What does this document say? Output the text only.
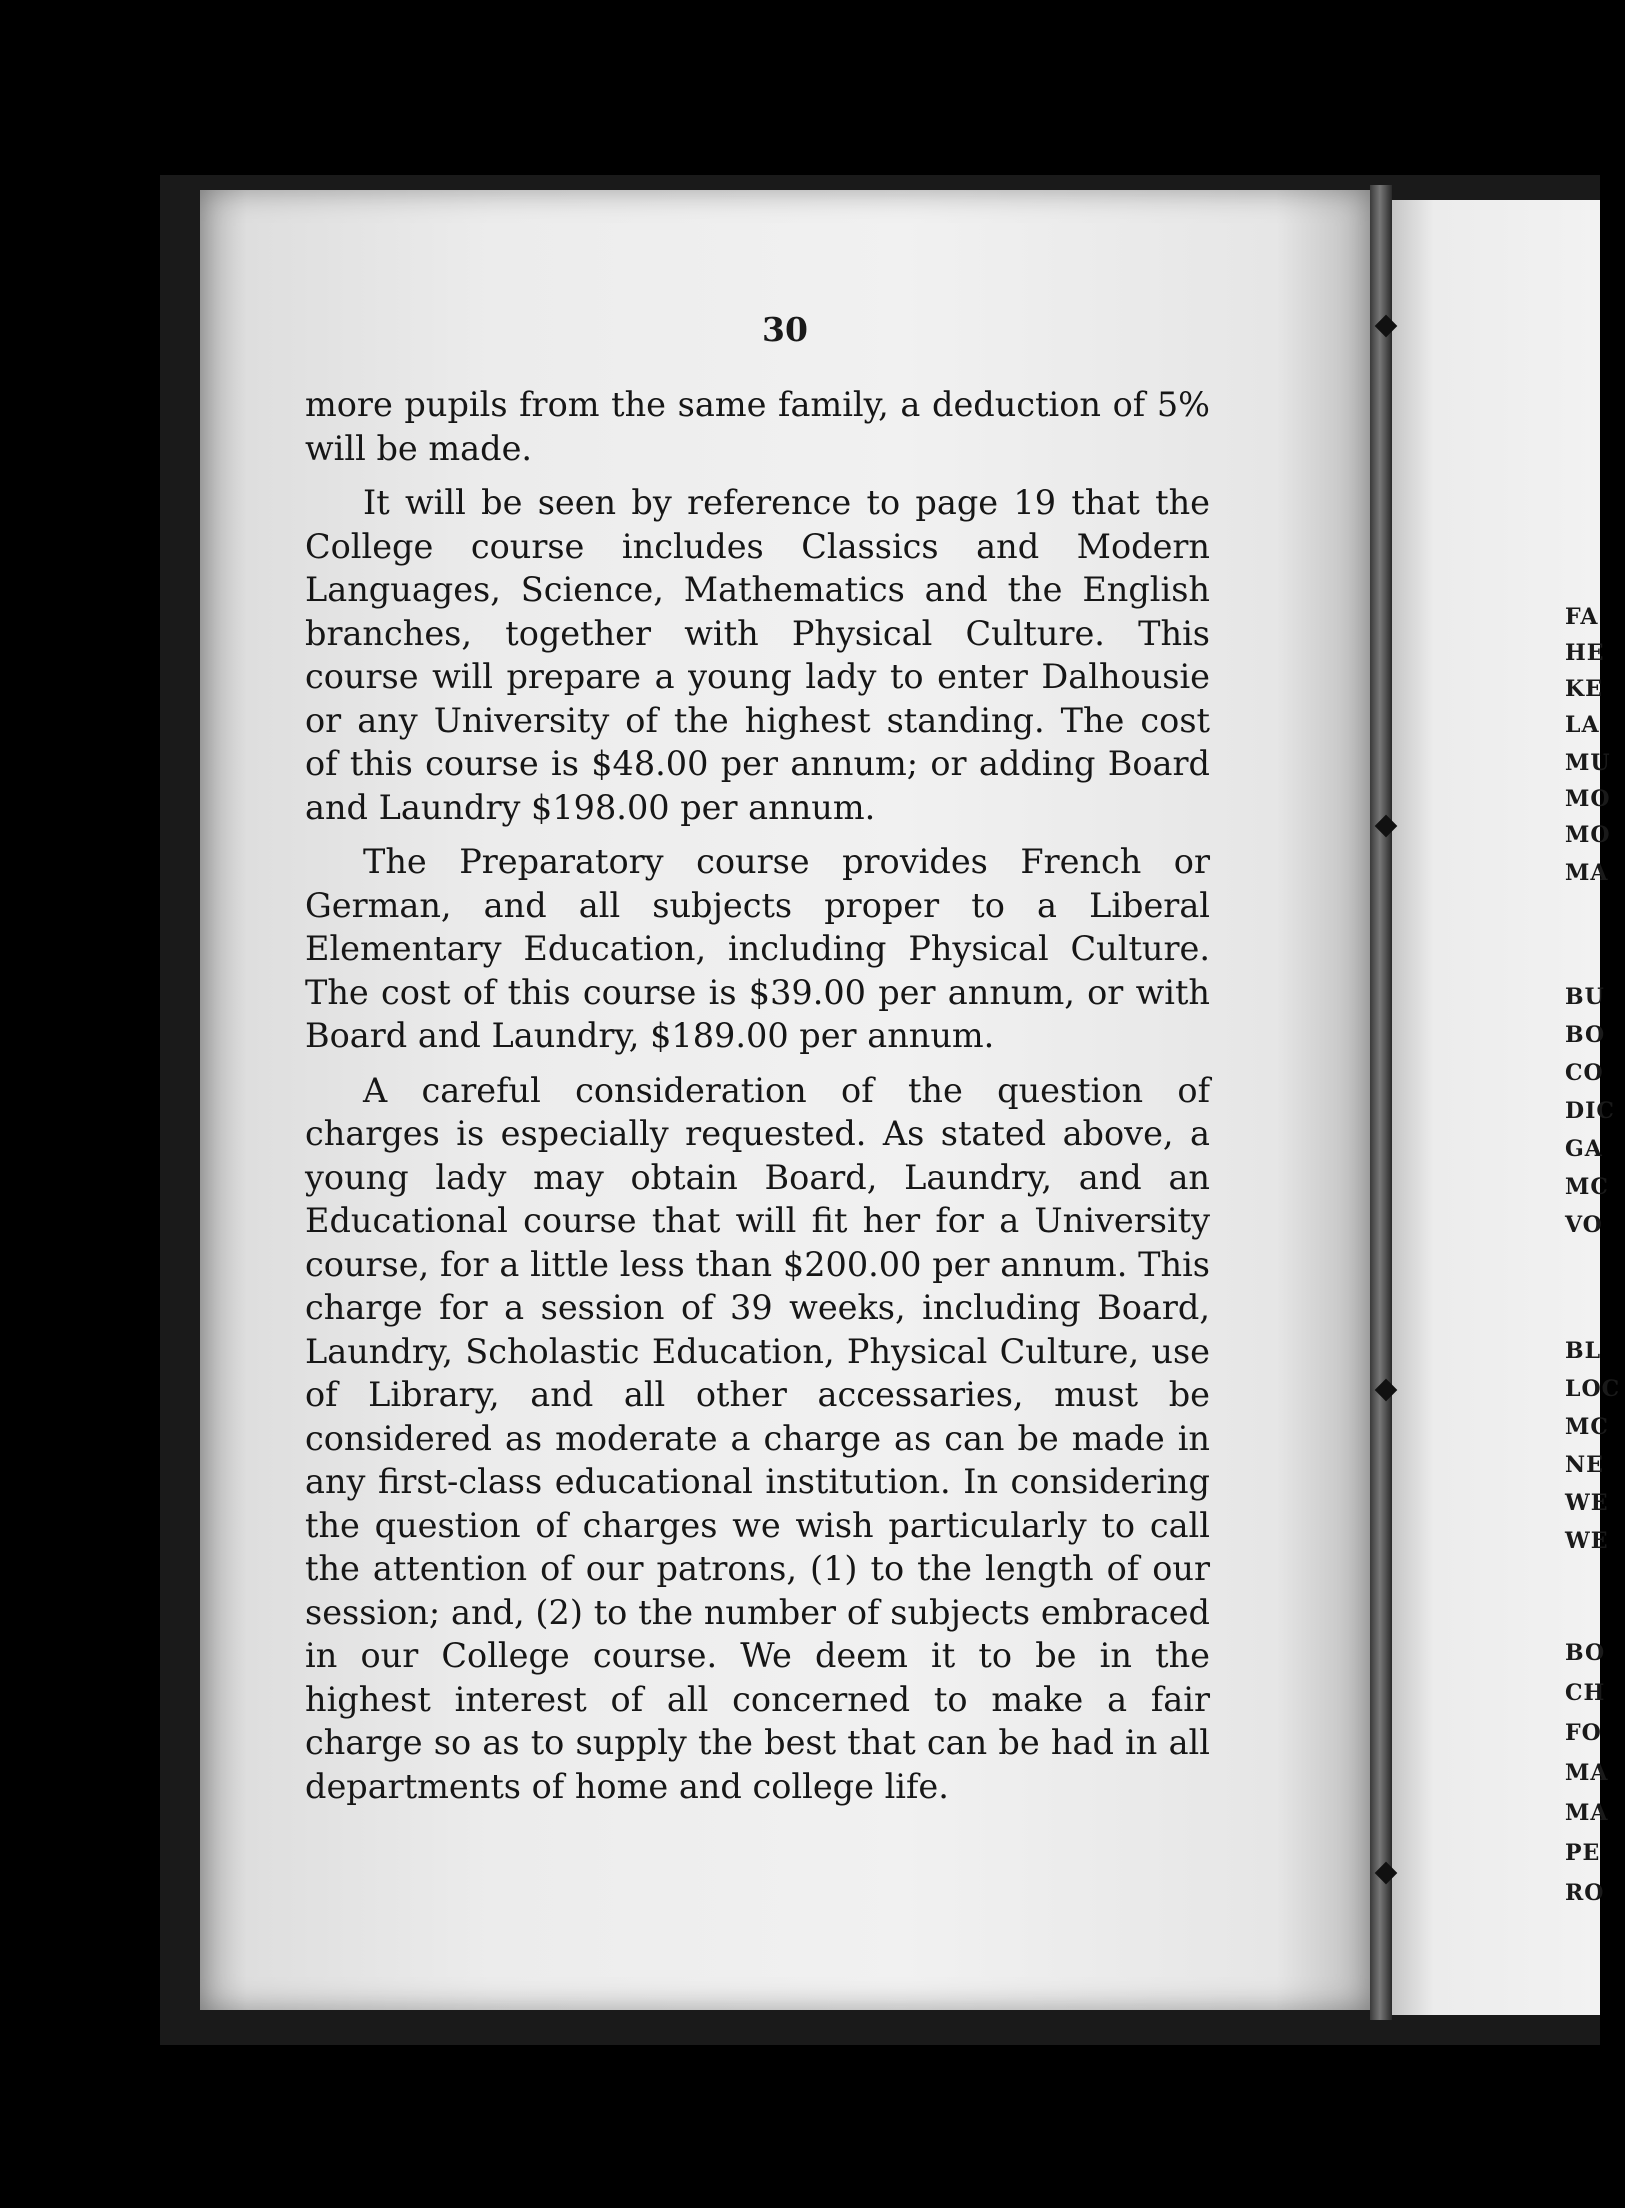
30

more pupils from the same family, a deduction of 5% will be made.

It will be seen by reference to page 19 that the College course includes Classics and Modern Languages, Science, Mathematics and the English branches, together with Physical Culture. This course will prepare a young lady to enter Dalhousie or any University of the highest standing. The cost of this course is $48.00 per annum; or adding Board and Laundry $198.00 per annum.

The Preparatory course provides French or German, and all subjects proper to a Liberal Elementary Education, including Physical Culture. The cost of this course is $39.00 per annum, or with Board and Laundry, $189.00 per annum.

A careful consideration of the question of charges is especially requested. As stated above, a young lady may obtain Board, Laundry, and an Educational course that will fit her for a University course, for a little less than $200.00 per annum. This charge for a session of 39 weeks, including Board, Laundry, Scholastic Education, Physical Culture, use of Library, and all other accessaries, must be considered as moderate a charge as can be made in any first-class educational institution. In considering the question of charges we wish particularly to call the attention of our patrons, (1) to the length of our session; and, (2) to the number of subjects embraced in our College course. We deem it to be in the highest interest of all concerned to make a fair charge so as to supply the best that can be had in all departments of home and college life.

FA
HE
KE
LA
MU
MO
MO
MA
BU
BO
CO
DIC
GA
MC
VO
BL
LOC
MC
NE
WE
WE
BO
CH
FO
MA
MA
PE
RO
